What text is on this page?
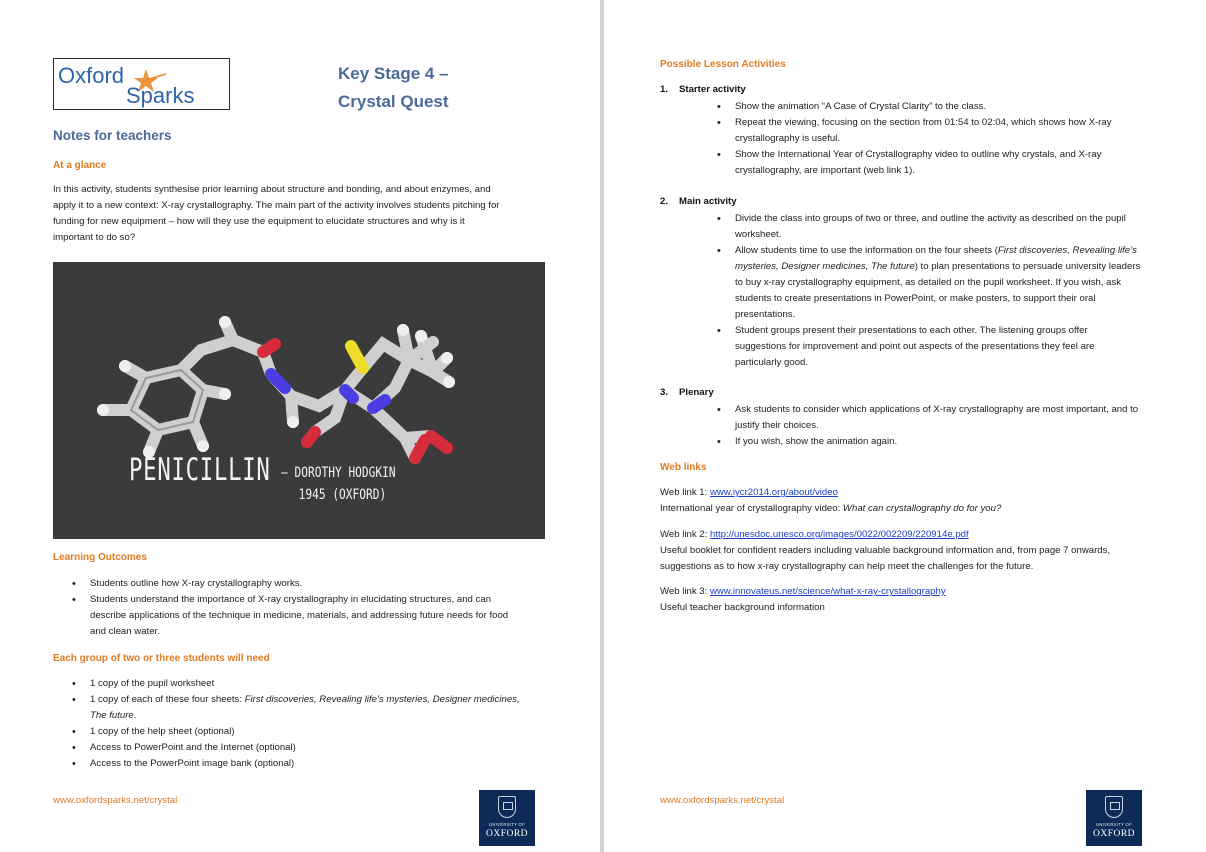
Oxford
Sparks
Key Stage 4 –
Crystal Quest
Notes for teachers
At a glance
In this activity, students synthesise prior learning about structure and bonding, and about enzymes, and
apply it to a new context: X-ray crystallography. The main part of the activity involves students pitching for
funding for new equipment – how will they use the equipment to elucidate structures and why is it
important to do so?
PENICILLIN – DOROTHY HODGKIN
1945 (OXFORD)
Learning Outcomes
• Students outline how X-ray crystallography works.
• Students understand the importance of X-ray crystallography in elucidating structures, and can
describe applications of the technique in medicine, materials, and addressing future needs for food
and clean water.
Each group of two or three students will need
• 1 copy of the pupil worksheet
• 1 copy of each of these four sheets: First discoveries, Revealing life’s mysteries, Designer medicines,
The future.
• 1 copy of the help sheet (optional)
• Access to PowerPoint and the Internet (optional)
• Access to the PowerPoint image bank (optional)
www.oxfordsparks.net/crystal
UNIVERSITY OF
OXFORD
Possible Lesson Activities
1. Starter activity
• Show the animation “A Case of Crystal Clarity” to the class.
• Repeat the viewing, focusing on the section from 01:54 to 02:04, which shows how X-ray
crystallography is useful.
• Show the International Year of Crystallography video to outline why crystals, and X-ray
crystallography, are important (web link 1).
2. Main activity
• Divide the class into groups of two or three, and outline the activity as described on the pupil
worksheet.
• Allow students time to use the information on the four sheets (First discoveries, Revealing life’s
mysteries, Designer medicines, The future) to plan presentations to persuade university leaders
to buy x-ray crystallography equipment, as detailed on the pupil worksheet. If you wish, ask
students to create presentations in PowerPoint, or make posters, to support their oral
presentations.
• Student groups present their presentations to each other. The listening groups offer
suggestions for improvement and point out aspects of the presentations they feel are
particularly good.
3. Plenary
• Ask students to consider which applications of X-ray crystallography are most important, and to
justify their choices.
• If you wish, show the animation again.
Web links
Web link 1: www.iycr2014.org/about/video
International year of crystallography video: What can crystallography do for you?
Web link 2: http://unesdoc.unesco.org/images/0022/002209/220914e.pdf
Useful booklet for confident readers including valuable background information and, from page 7 onwards,
suggestions as to how x-ray crystallography can help meet the challenges for the future.
Web link 3: www.innovateus.net/science/what-x-ray-crystallography
Useful teacher background information
www.oxfordsparks.net/crystal
UNIVERSITY OF
OXFORD
